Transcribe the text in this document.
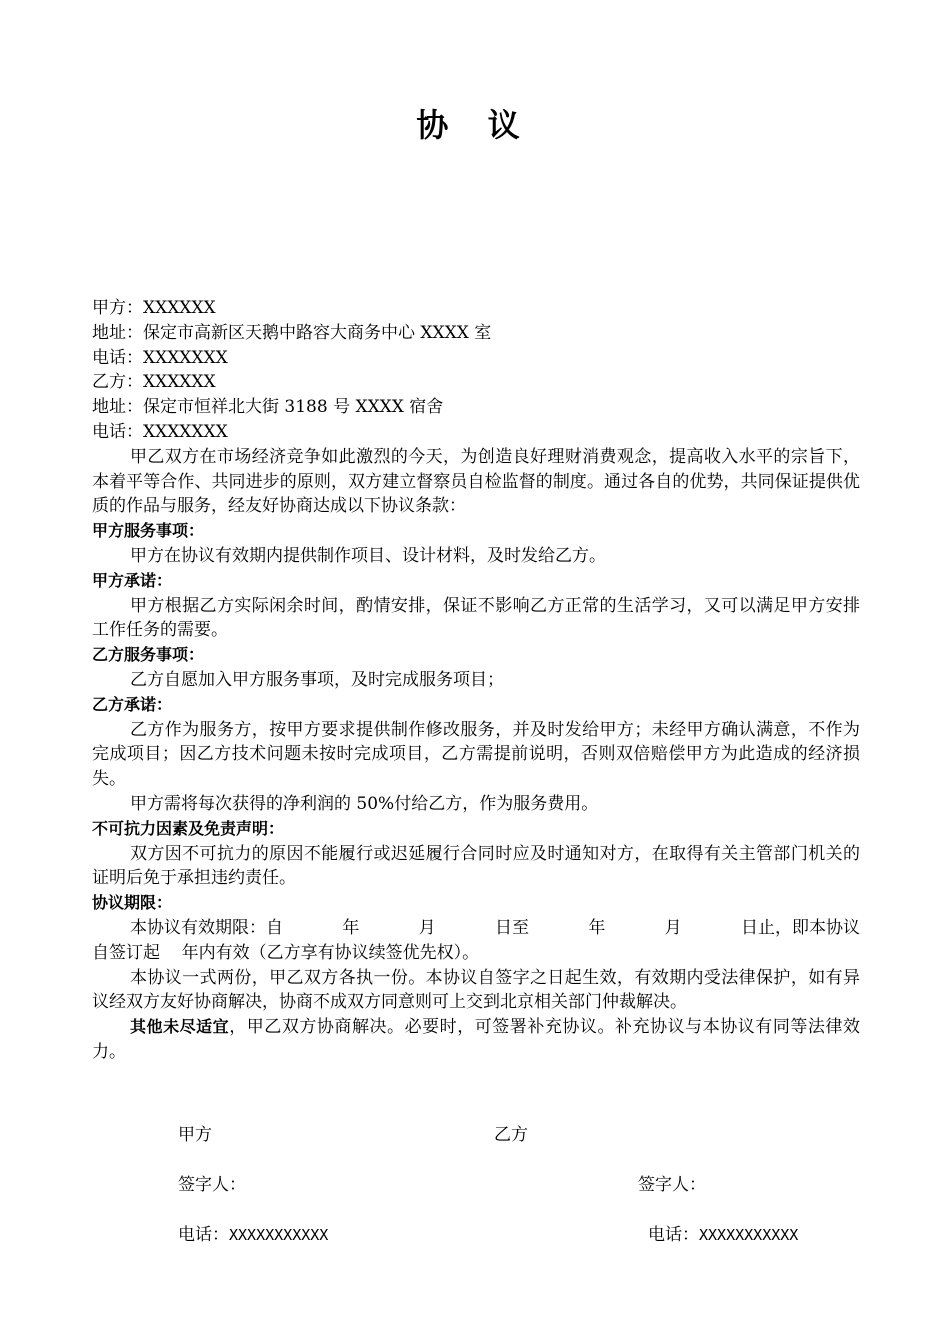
协 议
甲方：XXXXXX
地址：保定市高新区天鹅中路容大商务中心 XXXX 室
电话：XXXXXXX
乙方：XXXXXX
地址：保定市恒祥北大街 3188 号 XXXX 宿舍
电话：XXXXXXX
甲乙双方在市场经济竞争如此激烈的今天，为创造良好理财消费观念，提高收入水平的宗旨下，本着平等合作、共同进步的原则，双方建立督察员自检监督的制度。通过各自的优势，共同保证提供优质的作品与服务，经友好协商达成以下协议条款：
甲方服务事项：
甲方在协议有效期内提供制作项目、设计材料，及时发给乙方。
甲方承诺：
甲方根据乙方实际闲余时间，酌情安排，保证不影响乙方正常的生活学习，又可以满足甲方安排工作任务的需要。
乙方服务事项：
乙方自愿加入甲方服务事项，及时完成服务项目；
乙方承诺：
乙方作为服务方，按甲方要求提供制作修改服务，并及时发给甲方；未经甲方确认满意，不作为完成项目；因乙方技术问题未按时完成项目，乙方需提前说明，否则双倍赔偿甲方为此造成的经济损失。
甲方需将每次获得的净利润的 50%付给乙方，作为服务费用。
不可抗力因素及免责声明：
双方因不可抗力的原因不能履行或迟延履行合同时应及时通知对方，在取得有关主管部门机关的证明后免于承担违约责任。
协议期限：
本协议有效期限：自	年	月	日至	年	月	日止，即本协议
自签订起    年内有效（乙方享有协议续签优先权）。
本协议一式两份，甲乙双方各执一份。本协议自签字之日起生效，有效期内受法律保护，如有异议经双方友好协商解决，协商不成双方同意则可上交到北京相关部门仲裁解决。
其他未尽适宜，甲乙双方协商解决。必要时，可签署补充协议。补充协议与本协议有同等法律效力。
甲方	乙方
签字人：	签字人：
电话：XXXXXXXXXXX	电话：XXXXXXXXXXX
